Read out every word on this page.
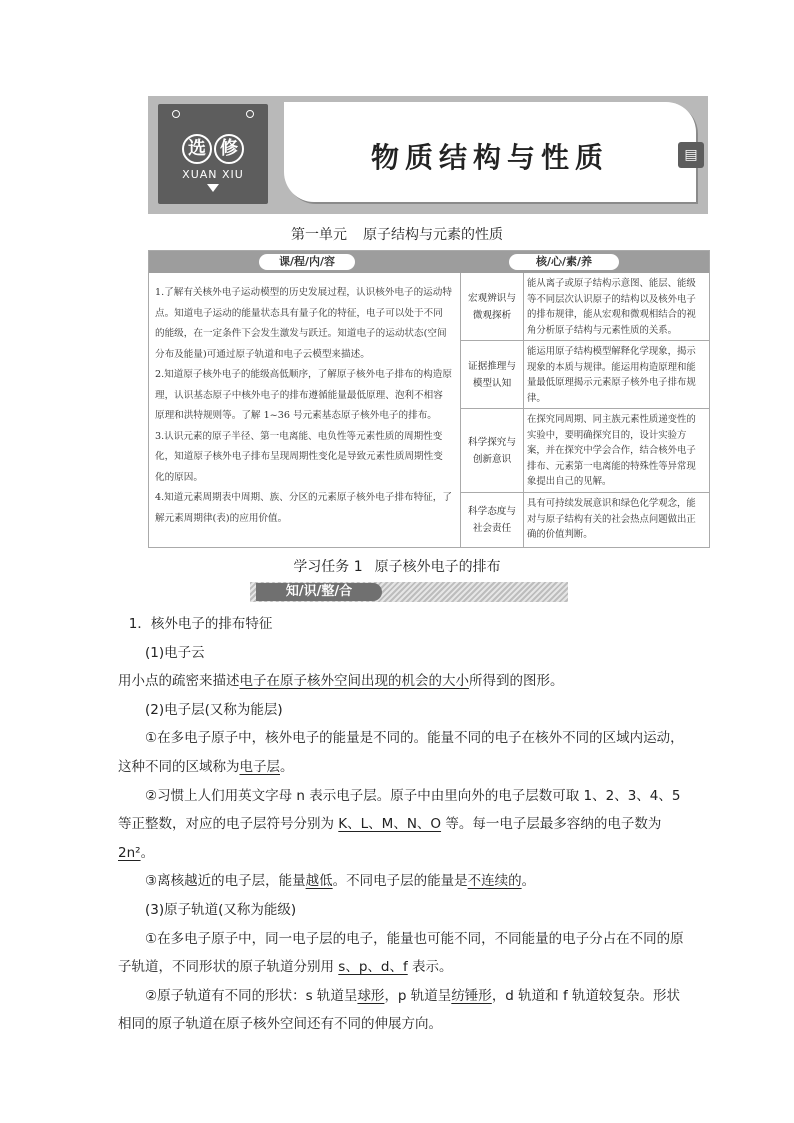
选 修
XUAN XIU
物质结构与性质	▤
第一单元 原子结构与元素的性质
课/程/内/容	核/心/素/养

1.了解有关核外电子运动模型的历史发展过程，认识核外电子的运动特点。知道电子运动的能量状态具有量子化的特征，电子可以处于不同的能级，在一定条件下会发生激发与跃迁。知道电子的运动状态(空间分布及能量)可通过原子轨道和电子云模型来描述。

2.知道原子核外电子的能级高低顺序，了解原子核外电子排布的构造原理，认识基态原子中核外电子的排布遵循能量最低原理、泡利不相容原理和洪特规则等。了解 1~36 号元素基态原子核外电子的排布。

3.认识元素的原子半径、第一电离能、电负性等元素性质的周期性变化，知道原子核外电子排布呈现周期性变化是导致元素性质周期性变化的原因。

4.知道元素周期表中周期、族、分区的元素原子核外电子排布特征，了解元素周期律(表)的应用价值。

宏观辨识与
微观探析
能从离子或原子结构示意图、能层、能级等不同层次认识原子的结构以及核外电子的排布规律，能从宏观和微观相结合的视角分析原子结构与元素性质的关系。
证据推理与
模型认知
能运用原子结构模型解释化学现象，揭示现象的本质与规律。能运用构造原理和能量最低原理揭示元素原子核外电子排布规律。
科学探究与
创新意识
在探究同周期、同主族元素性质递变性的实验中，要明确探究目的，设计实验方案，并在探究中学会合作，结合核外电子排布、元素第一电离能的特殊性等异常现象提出自己的见解。
科学态度与
社会责任
具有可持续发展意识和绿色化学观念，能对与原子结构有关的社会热点问题做出正确的价值判断。
学习任务 1 原子核外电子的排布
知/识/整/合

1．核外电子的排布特征

(1)电子云

用小点的疏密来描述电子在原子核外空间出现的机会的大小所得到的图形。

(2)电子层(又称为能层)

①在多电子原子中，核外电子的能量是不同的。能量不同的电子在核外不同的区域内运动，这种不同的区域称为电子层。

②习惯上人们用英文字母 n 表示电子层。原子中由里向外的电子层数可取 1、2、3、4、5 等正整数，对应的电子层符号分别为 K、L、M、N、O 等。每一电子层最多容纳的电子数为 2n²。

③离核越近的电子层，能量越低。不同电子层的能量是不连续的。

(3)原子轨道(又称为能级)

①在多电子原子中，同一电子层的电子，能量也可能不同，不同能量的电子分占在不同的原子轨道，不同形状的原子轨道分别用 s、p、d、f 表示。

②原子轨道有不同的形状：s 轨道呈球形，p 轨道呈纺锤形，d 轨道和 f 轨道较复杂。形状相同的原子轨道在原子核外空间还有不同的伸展方向。
